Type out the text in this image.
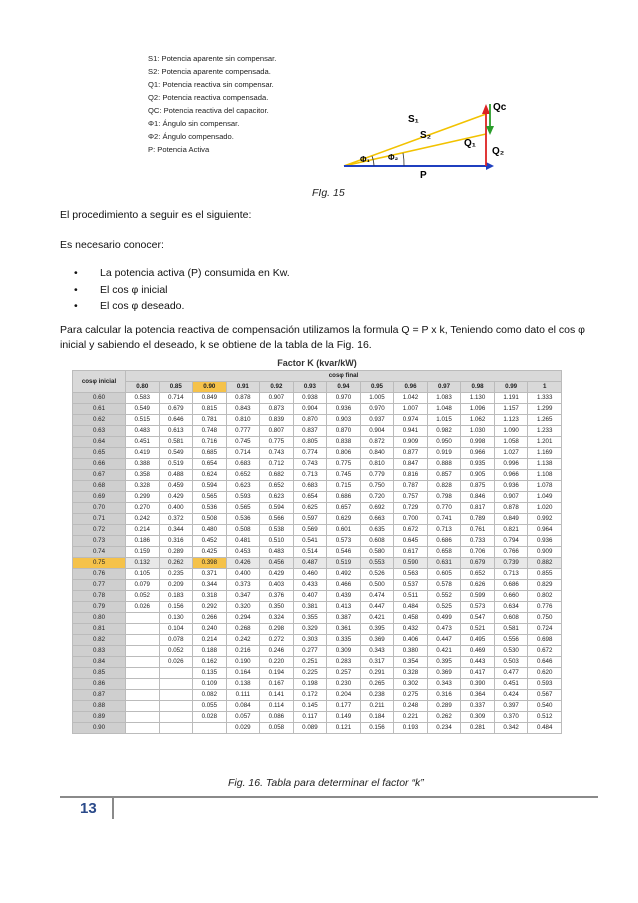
S1: Potencia aparente sin compensar.
S2: Potencia aparente compensada.
Q1: Potencia reactiva sin compensar.
Q2: Potencia reactiva compensada.
QC: Potencia reactiva del capacitor.
Φ1: Ángulo sin compensar.
Φ2: Ángulo compensado.
P: Potencia Activa
S₁
S₂
Q₁
Q₂
Qc
Φ₁ Φ₂
P
FIg. 15
El procedimiento a seguir es el siguiente:
Es necesario conocer:
• La potencia activa (P) consumida en Kw.
• El cos φ inicial
• El cos φ deseado.
Para calcular la potencia reactiva de compensación utilizamos la formula Q = P x k, Teniendo como dato el cos φ inicial y sabiendo el deseado, k se obtiene de la tabla de la Fig. 16.
Factor K (kvar/kW)
cosφ inicial	cosφ final												
	0.80	0.85	0.90	0.91	0.92	0.93	0.94	0.95	0.96	0.97	0.98	0.99	1
0.60	0.583	0.714	0.849	0.878	0.907	0.938	0.970	1.005	1.042	1.083	1.130	1.191	1.333
0.61	0.549	0.679	0.815	0.843	0.873	0.904	0.936	0.970	1.007	1.048	1.096	1.157	1.299
0.62	0.515	0.646	0.781	0.810	0.839	0.870	0.903	0.937	0.974	1.015	1.062	1.123	1.265
0.63	0.483	0.613	0.748	0.777	0.807	0.837	0.870	0.904	0.941	0.982	1.030	1.090	1.233
0.64	0.451	0.581	0.716	0.745	0.775	0.805	0.838	0.872	0.909	0.950	0.998	1.058	1.201
0.65	0.419	0.549	0.685	0.714	0.743	0.774	0.806	0.840	0.877	0.919	0.966	1.027	1.169
0.66	0.388	0.519	0.654	0.683	0.712	0.743	0.775	0.810	0.847	0.888	0.935	0.996	1.138
0.67	0.358	0.488	0.624	0.652	0.682	0.713	0.745	0.779	0.816	0.857	0.905	0.966	1.108
0.68	0.328	0.459	0.594	0.623	0.652	0.683	0.715	0.750	0.787	0.828	0.875	0.936	1.078
0.69	0.299	0.429	0.565	0.593	0.623	0.654	0.686	0.720	0.757	0.798	0.846	0.907	1.049
0.70	0.270	0.400	0.536	0.565	0.594	0.625	0.657	0.692	0.729	0.770	0.817	0.878	1.020
0.71	0.242	0.372	0.508	0.536	0.566	0.597	0.629	0.663	0.700	0.741	0.789	0.849	0.992
0.72	0.214	0.344	0.480	0.508	0.538	0.569	0.601	0.635	0.672	0.713	0.761	0.821	0.964
0.73	0.186	0.316	0.452	0.481	0.510	0.541	0.573	0.608	0.645	0.686	0.733	0.794	0.936
0.74	0.159	0.289	0.425	0.453	0.483	0.514	0.546	0.580	0.617	0.658	0.706	0.766	0.909
0.75	0.132	0.262	0.398	0.426	0.456	0.487	0.519	0.553	0.590	0.631	0.679	0.739	0.882
0.76	0.105	0.235	0.371	0.400	0.429	0.460	0.492	0.526	0.563	0.605	0.652	0.713	0.855
0.77	0.079	0.209	0.344	0.373	0.403	0.433	0.466	0.500	0.537	0.578	0.626	0.686	0.829
0.78	0.052	0.183	0.318	0.347	0.376	0.407	0.439	0.474	0.511	0.552	0.599	0.660	0.802
0.79	0.026	0.156	0.292	0.320	0.350	0.381	0.413	0.447	0.484	0.525	0.573	0.634	0.776
0.80		0.130	0.266	0.294	0.324	0.355	0.387	0.421	0.458	0.499	0.547	0.608	0.750
0.81		0.104	0.240	0.268	0.298	0.329	0.361	0.395	0.432	0.473	0.521	0.581	0.724
0.82		0.078	0.214	0.242	0.272	0.303	0.335	0.369	0.406	0.447	0.495	0.556	0.698
0.83		0.052	0.188	0.216	0.246	0.277	0.309	0.343	0.380	0.421	0.469	0.530	0.672
0.84		0.026	0.162	0.190	0.220	0.251	0.283	0.317	0.354	0.395	0.443	0.503	0.646
0.85			0.135	0.164	0.194	0.225	0.257	0.291	0.328	0.369	0.417	0.477	0.620
0.86			0.109	0.138	0.167	0.198	0.230	0.265	0.302	0.343	0.390	0.451	0.593
0.87			0.082	0.111	0.141	0.172	0.204	0.238	0.275	0.316	0.364	0.424	0.567
0.88			0.055	0.084	0.114	0.145	0.177	0.211	0.248	0.289	0.337	0.397	0.540
0.89			0.028	0.057	0.086	0.117	0.149	0.184	0.221	0.262	0.309	0.370	0.512
0.90				0.029	0.058	0.089	0.121	0.156	0.193	0.234	0.281	0.342	0.484
Fig. 16. Tabla para determinar el factor “k”
13
